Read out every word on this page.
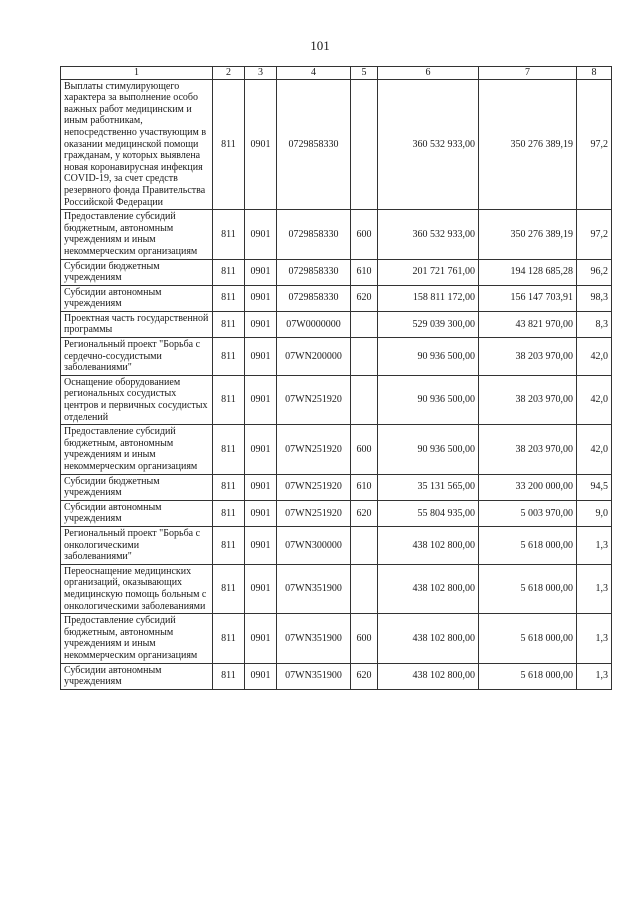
101
1	2	3	4	5	6	7	8
Выплаты стимулирующего характера за выполнение особо важных работ медицинским и иным работникам, непосредственно участвующим в оказании медицинской помощи гражданам, у которых выявлена новая коронавирусная инфекция COVID-19, за счет средств резервного фонда Правительства Российской Федерации	811	0901	0729858330		360 532 933,00	350 276 389,19	97,2
Предоставление субсидий бюджетным, автономным учреждениям и иным некоммерческим организациям	811	0901	0729858330	600	360 532 933,00	350 276 389,19	97,2
Субсидии бюджетным учреждениям	811	0901	0729858330	610	201 721 761,00	194 128 685,28	96,2
Субсидии автономным учреждениям	811	0901	0729858330	620	158 811 172,00	156 147 703,91	98,3
Проектная часть государственной программы	811	0901	07W0000000		529 039 300,00	43 821 970,00	8,3
Региональный проект "Борьба с сердечно-сосудистыми заболеваниями"	811	0901	07WN200000		90 936 500,00	38 203 970,00	42,0
Оснащение оборудованием региональных сосудистых центров и первичных сосудистых отделений	811	0901	07WN251920		90 936 500,00	38 203 970,00	42,0
Предоставление субсидий бюджетным, автономным учреждениям и иным некоммерческим организациям	811	0901	07WN251920	600	90 936 500,00	38 203 970,00	42,0
Субсидии бюджетным учреждениям	811	0901	07WN251920	610	35 131 565,00	33 200 000,00	94,5
Субсидии автономным учреждениям	811	0901	07WN251920	620	55 804 935,00	5 003 970,00	9,0
Региональный проект "Борьба с онкологическими заболеваниями"	811	0901	07WN300000		438 102 800,00	5 618 000,00	1,3
Переоснащение медицинских организаций, оказывающих медицинскую помощь больным с онкологическими заболеваниями	811	0901	07WN351900		438 102 800,00	5 618 000,00	1,3
Предоставление субсидий бюджетным, автономным учреждениям и иным некоммерческим организациям	811	0901	07WN351900	600	438 102 800,00	5 618 000,00	1,3
Субсидии автономным учреждениям	811	0901	07WN351900	620	438 102 800,00	5 618 000,00	1,3
